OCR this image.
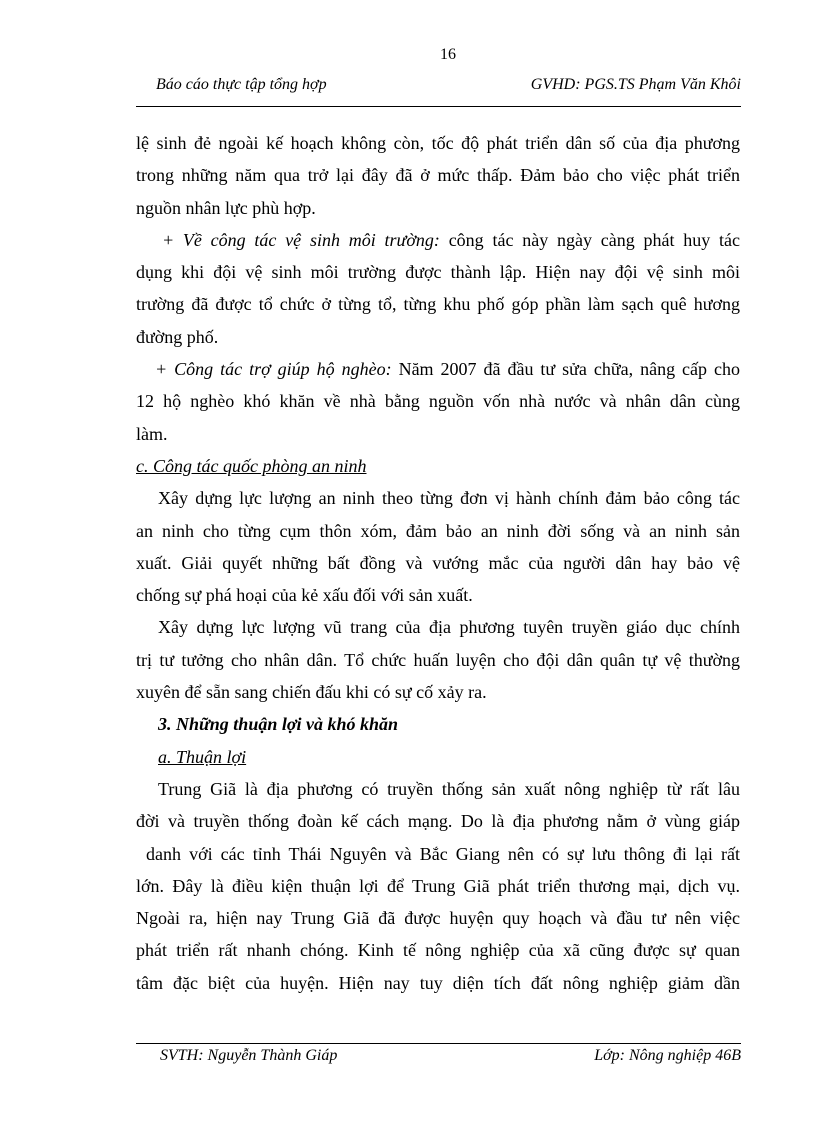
16
Báo cáo thực tập tổng hợp	GVHD: PGS.TS Phạm Văn Khôi
lệ sinh đẻ ngoài kế hoạch không còn, tốc độ phát triển dân số của địa phương
trong những năm qua trở lại đây đã ở mức thấp. Đảm bảo cho việc phát triển
nguồn nhân lực phù hợp.
+ Về công tác vệ sinh môi trường: công tác này ngày càng phát huy tác
dụng khi đội vệ sinh môi trường được thành lập. Hiện nay đội vệ sinh môi
trường đã được tổ chức ở từng tổ, từng khu phố góp phần làm sạch quê hương
đường phố.
+ Công tác trợ giúp hộ nghèo: Năm 2007 đã đầu tư sửa chữa, nâng cấp cho
12 hộ nghèo khó khăn về nhà bằng nguồn vốn nhà nước và nhân dân cùng
làm.
c. Công tác quốc phòng an ninh
Xây dựng lực lượng an ninh theo từng đơn vị hành chính đảm bảo công tác
an ninh cho từng cụm thôn xóm, đảm bảo an ninh đời sống và an ninh sản
xuất. Giải quyết những bất đồng và vướng mắc của người dân hay bảo vệ
chống sự phá hoại của kẻ xấu đối với sản xuất.
Xây dựng lực lượng vũ trang của địa phương tuyên truyền giáo dục chính
trị tư tưởng cho nhân dân. Tổ chức huấn luyện cho đội dân quân tự vệ thường
xuyên để sẵn sang chiến đấu khi có sự cố xảy ra.
3. Những thuận lợi và khó khăn
a. Thuận lợi
Trung Giã là địa phương có truyền thống sản xuất nông nghiệp từ rất lâu
đời và truyền thống đoàn kế cách mạng. Do là địa phương nằm ở vùng giáp
danh với các tỉnh Thái Nguyên và Bắc Giang nên có sự lưu thông đi lại rất
lớn. Đây là điều kiện thuận lợi để Trung Giã phát triển thương mại, dịch vụ.
Ngoài ra, hiện nay Trung Giã đã được huyện quy hoạch và đầu tư nên việc
phát triển rất nhanh chóng. Kinh tế nông nghiệp của xã cũng được sự quan
tâm đặc biệt của huyện. Hiện nay tuy diện tích đất nông nghiệp giảm dần
SVTH: Nguyễn Thành Giáp	Lớp: Nông nghiệp 46B
